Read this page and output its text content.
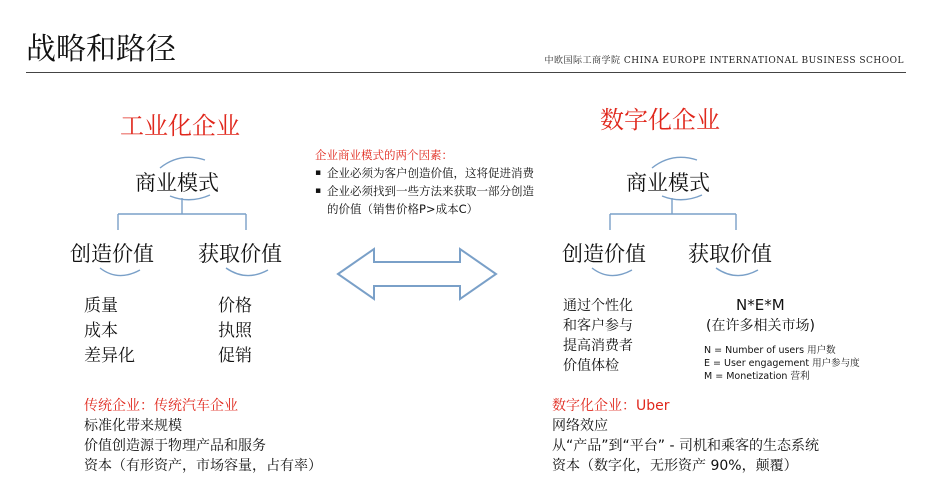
战略和路径	中欧国际工商学院 CHINA EUROPE INTERNATIONAL BUSINESS SCHOOL
工业化企业
商业模式
创造价值 获取价值
质量
成本
差异化
价格
执照
促销
传统企业：传统汽车企业
标准化带来规模
价值创造源于物理产品和服务
资本（有形资产，市场容量，占有率）
企业商业模式的两个因素：
▪ 企业必须为客户创造价值，这将促进消费
▪ 企业必须找到一些方法来获取一部分创造的价值（销售价格P>成本C）
数字化企业
商业模式
创造价值 获取价值
通过个性化
和客户参与
提高消费者
价值体检
N*E*M
(在许多相关市场)
N = Number of users 用户数
E = User engagement 用户参与度
M = Monetization 营利
数字化企业：Uber
网络效应
从“产品”到“平台” - 司机和乘客的生态系统
资本（数字化，无形资产 90%，颠覆）
